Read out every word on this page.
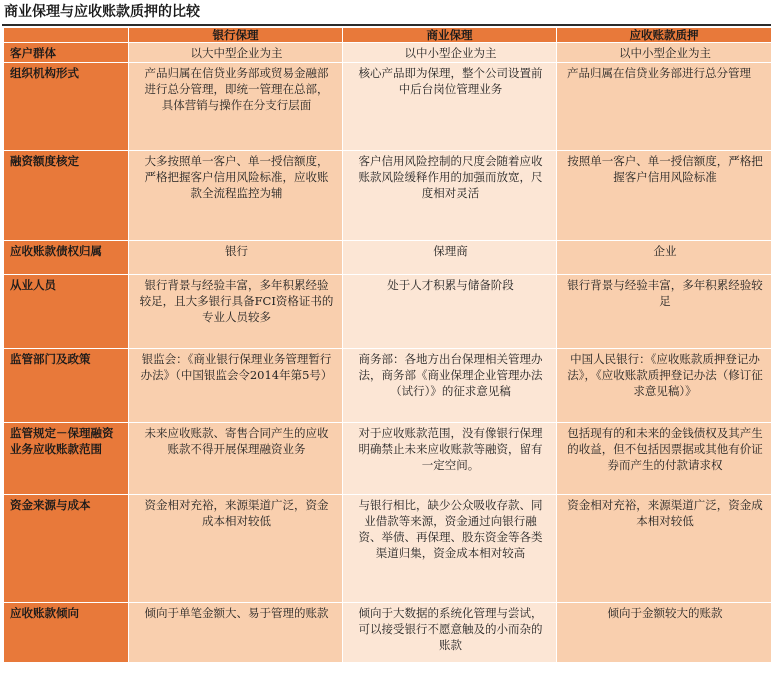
商业保理与应收账款质押的比较
	银行保理	商业保理	应收账款质押
客户群体	以大中型企业为主	以中小型企业为主	以中小型企业为主
组织机构形式	产品归属在信贷业务部或贸易金融部进行总分管理，即统一管理在总部，具体营销与操作在分支行层面	核心产品即为保理，整个公司设置前中后台岗位管理业务	产品归属在信贷业务部进行总分管理
融资额度核定	大多按照单一客户、单一授信额度，严格把握客户信用风险标准，应收账款全流程监控为辅	客户信用风险控制的尺度会随着应收账款风险缓释作用的加强而放宽，尺度相对灵活	按照单一客户、单一授信额度，严格把握客户信用风险标准
应收账款债权归属	银行	保理商	企业
从业人员	银行背景与经验丰富，多年积累经验较足，且大多银行具备FCI资格证书的专业人员较多	处于人才积累与储备阶段	银行背景与经验丰富，多年积累经验较足
监管部门及政策	银监会：《商业银行保理业务管理暂行办法》（中国银监会令2014年第5号）	商务部：各地方出台保理相关管理办法，商务部《商业保理企业管理办法（试行）》的征求意见稿	中国人民银行：《应收账款质押登记办法》，《应收账款质押登记办法（修订征求意见稿）》
监管规定－保理融资业务应收账款范围	未来应收账款、寄售合同产生的应收账款不得开展保理融资业务	对于应收账款范围，没有像银行保理明确禁止未来应收账款等融资，留有一定空间。	包括现有的和未来的金钱债权及其产生的收益，但不包括因票据或其他有价证券而产生的付款请求权
资金来源与成本	资金相对充裕，来源渠道广泛，资金成本相对较低	与银行相比，缺少公众吸收存款、同业借款等来源，资金通过向银行融资、举债、再保理、股东资金等各类渠道归集，资金成本相对较高	资金相对充裕，来源渠道广泛，资金成本相对较低
应收账款倾向	倾向于单笔金额大、易于管理的账款	倾向于大数据的系统化管理与尝试，可以接受银行不愿意触及的小而杂的账款	倾向于金额较大的账款
